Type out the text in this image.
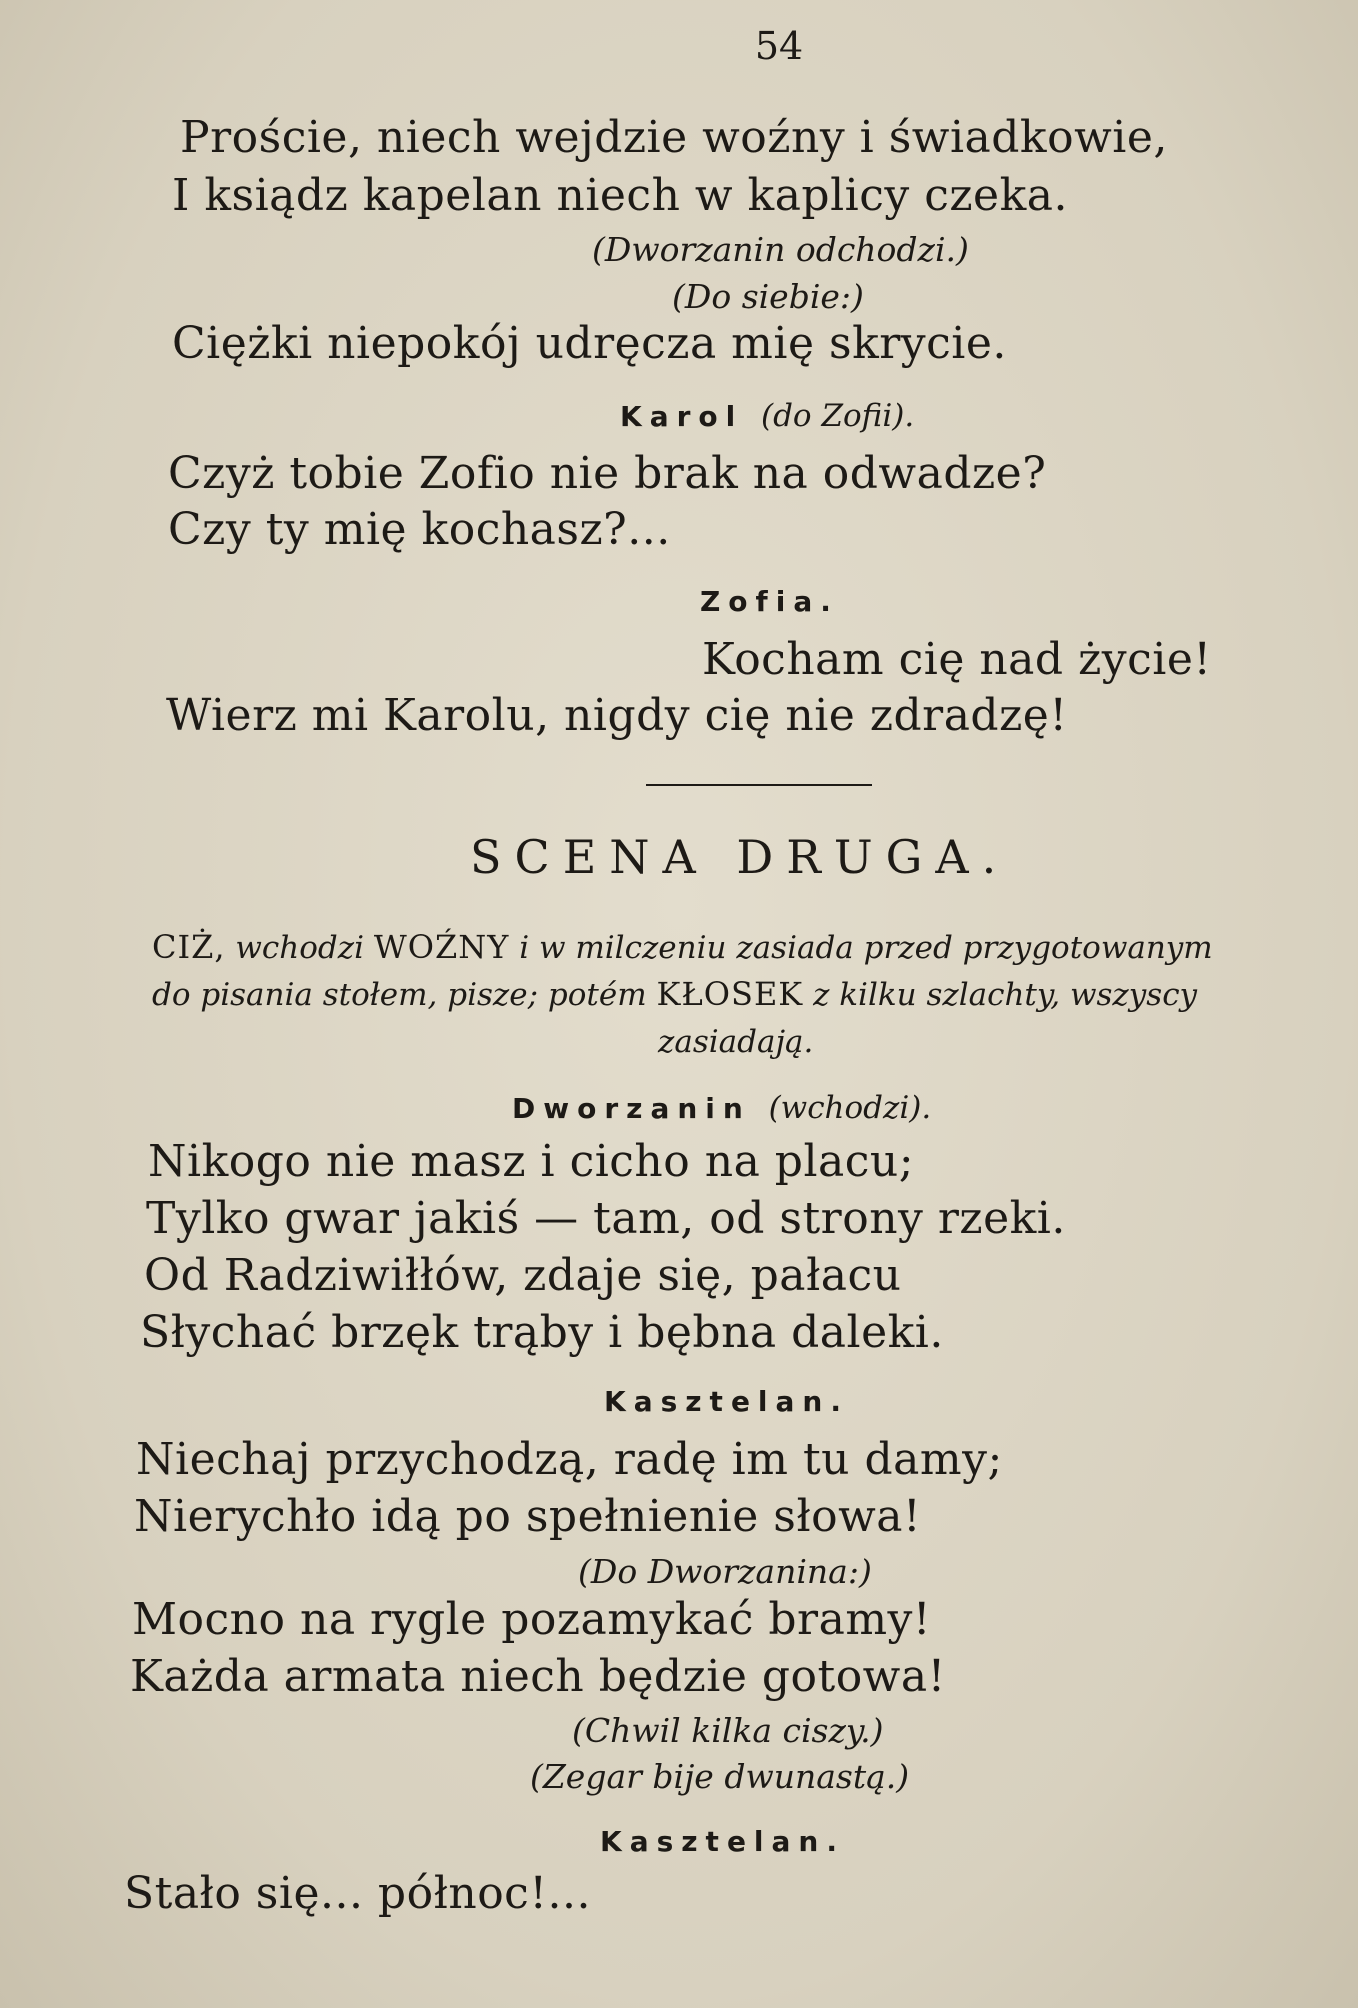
54
Proście, niech wejdzie woźny i świadkowie,
I ksiądz kapelan niech w kaplicy czeka.
(Dworzanin odchodzi.)
(Do siebie:)
Ciężki niepokój udręcza mię skrycie.
Karol (do Zofii).
Czyż tobie Zofio nie brak na odwadze?
Czy ty mię kochasz?...
Zofia.
Kocham cię nad życie!
Wierz mi Karolu, nigdy cię nie zdradzę!
SCENA DRUGA.
CIŻ, wchodzi WOŹNY i w milczeniu zasiada przed przygotowanym
do pisania stołem, pisze; potém KŁOSEK z kilku szlachty, wszyscy
zasiadają.
Dworzanin (wchodzi).
Nikogo nie masz i cicho na placu;
Tylko gwar jakiś — tam, od strony rzeki.
Od Radziwiłłów, zdaje się, pałacu
Słychać brzęk trąby i bębna daleki.
Kasztelan.
Niechaj przychodzą, radę im tu damy;
Nierychło idą po spełnienie słowa!
(Do Dworzanina:)
Mocno na rygle pozamykać bramy!
Każda armata niech będzie gotowa!
(Chwil kilka ciszy.)
(Zegar bije dwunastą.)
Kasztelan.
Stało się... północ!...
